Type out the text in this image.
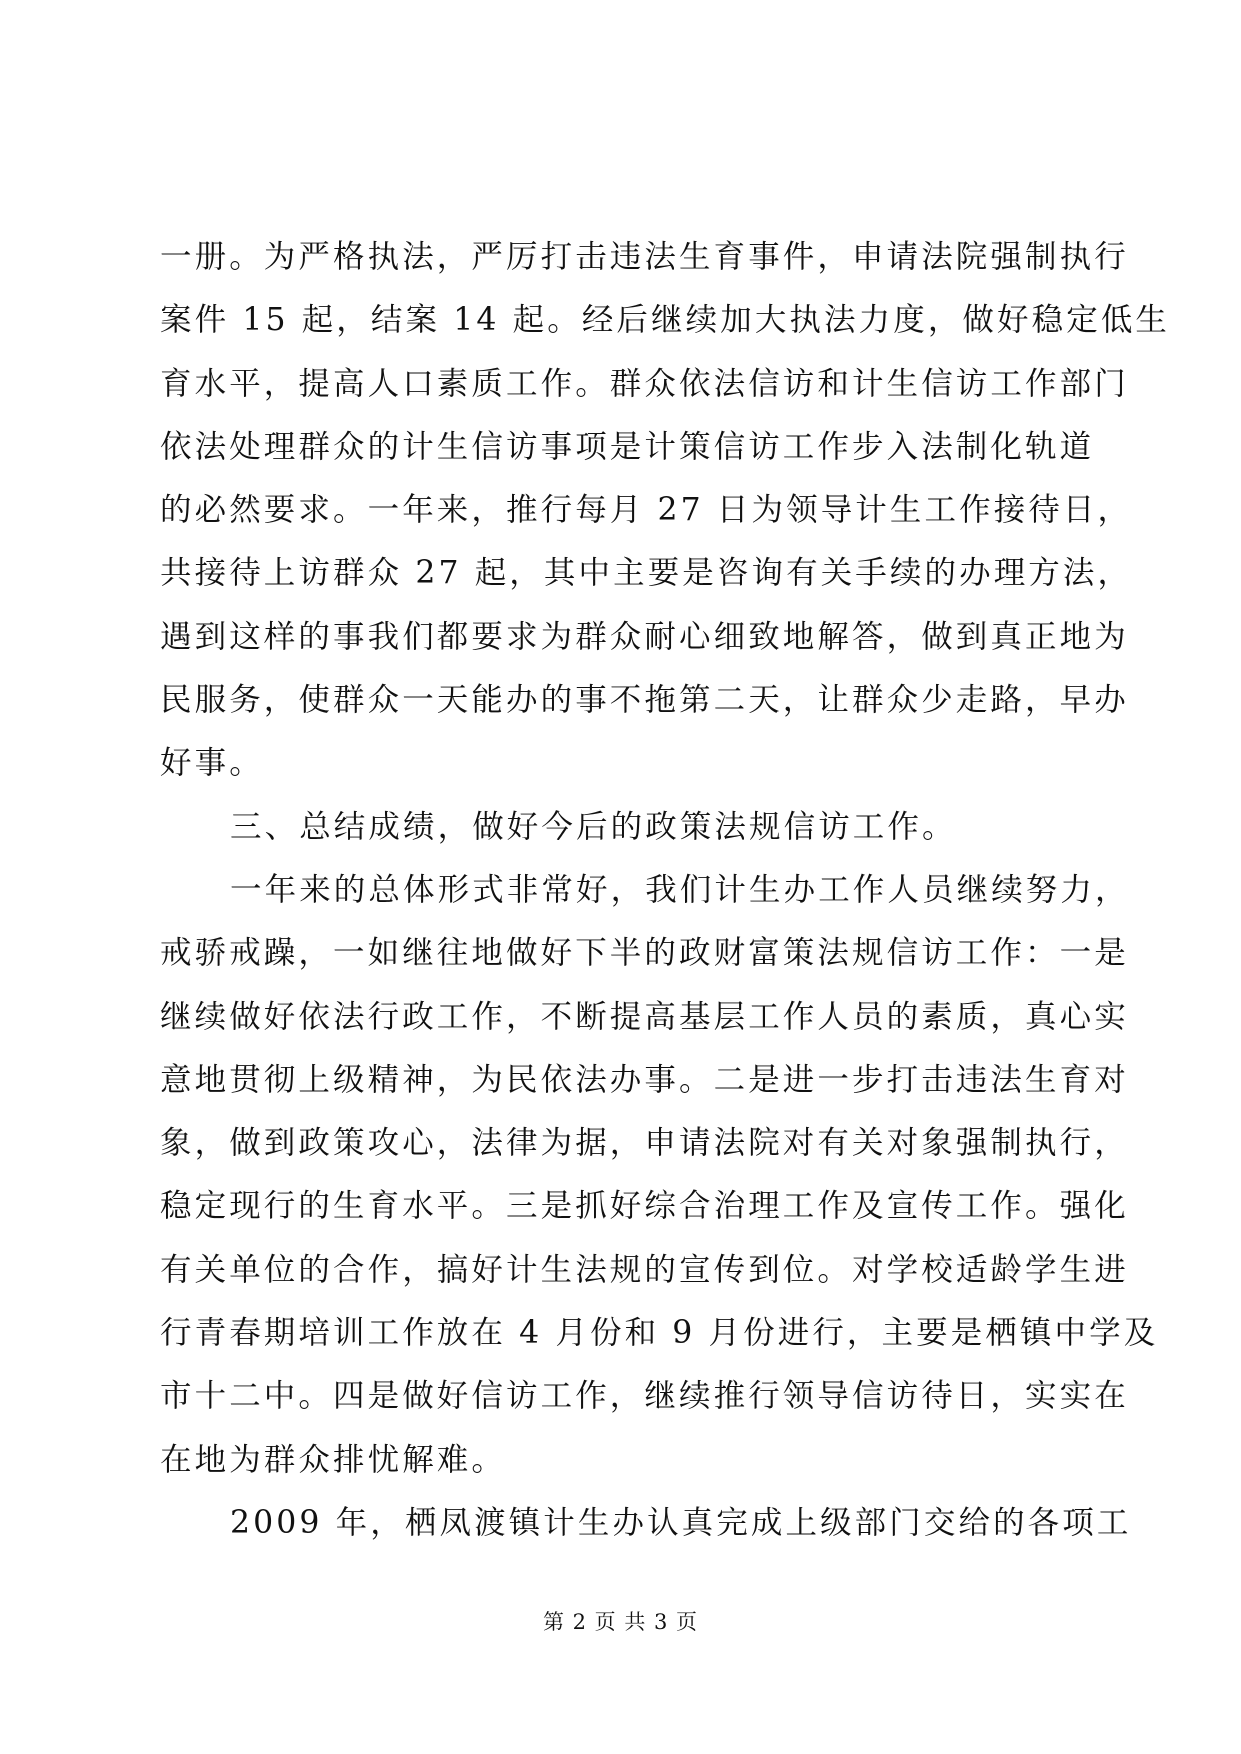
一册。为严格执法，严厉打击违法生育事件，申请法院强制执行
案件 15 起，结案 14 起。经后继续加大执法力度，做好稳定低生
育水平，提高人口素质工作。群众依法信访和计生信访工作部门
依法处理群众的计生信访事项是计策信访工作步入法制化轨道
的必然要求。一年来，推行每月 27 日为领导计生工作接待日，
共接待上访群众 27 起，其中主要是咨询有关手续的办理方法，
遇到这样的事我们都要求为群众耐心细致地解答，做到真正地为
民服务，使群众一天能办的事不拖第二天，让群众少走路，早办
好事。
三、总结成绩，做好今后的政策法规信访工作。
一年来的总体形式非常好，我们计生办工作人员继续努力，
戒骄戒躁，一如继往地做好下半的政财富策法规信访工作：一是
继续做好依法行政工作，不断提高基层工作人员的素质，真心实
意地贯彻上级精神，为民依法办事。二是进一步打击违法生育对
象，做到政策攻心，法律为据，申请法院对有关对象强制执行，
稳定现行的生育水平。三是抓好综合治理工作及宣传工作。强化
有关单位的合作，搞好计生法规的宣传到位。对学校适龄学生进
行青春期培训工作放在 4 月份和 9 月份进行，主要是栖镇中学及
市十二中。四是做好信访工作，继续推行领导信访待日，实实在
在地为群众排忧解难。
2009 年，栖凤渡镇计生办认真完成上级部门交给的各项工
第 2 页 共 3 页
